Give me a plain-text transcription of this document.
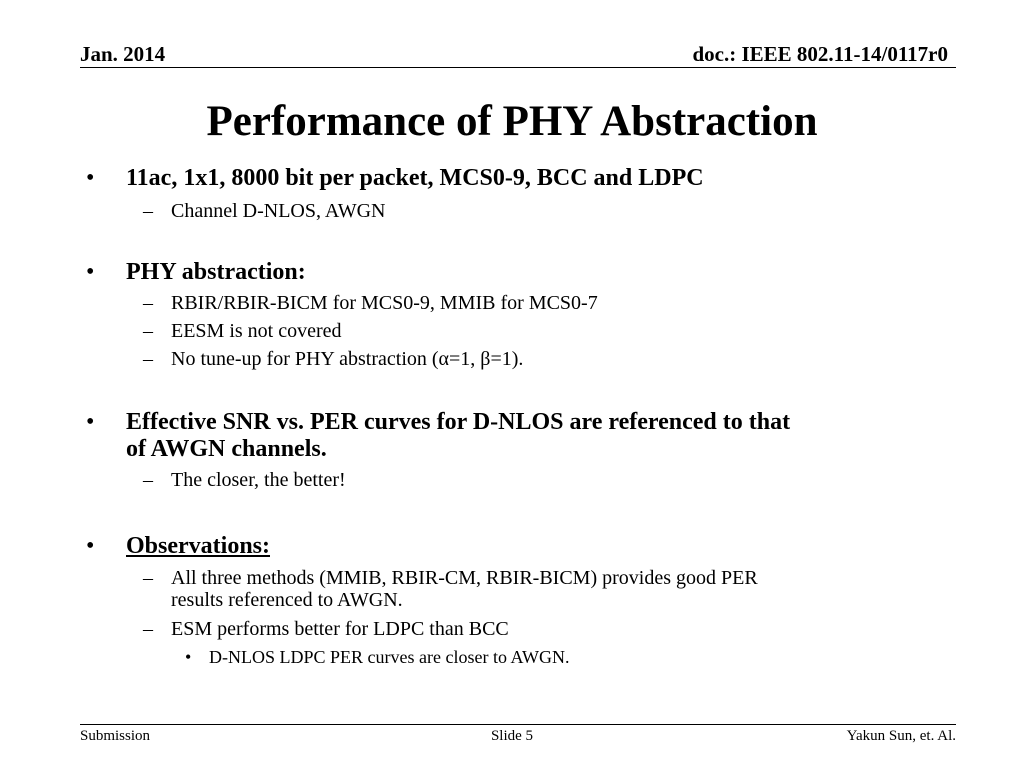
Jan. 2014	doc.: IEEE 802.11-14/0117r0
Performance of PHY Abstraction
• 11ac, 1x1, 8000 bit per packet, MCS0-9, BCC and LDPC
– Channel D-NLOS, AWGN
• PHY abstraction:
– RBIR/RBIR-BICM for MCS0-9, MMIB for MCS0-7
– EESM is not covered
– No tune-up for PHY abstraction (α=1, β=1).
• Effective SNR vs. PER curves for D-NLOS are referenced to that
of AWGN channels.
– The closer, the better!
• Observations:
– All three methods (MMIB, RBIR-CM, RBIR-BICM) provides good PER
results referenced to AWGN.
– ESM performs better for LDPC than BCC
• D-NLOS LDPC PER curves are closer to AWGN.
Submission	Slide 5	Yakun Sun, et. Al.
